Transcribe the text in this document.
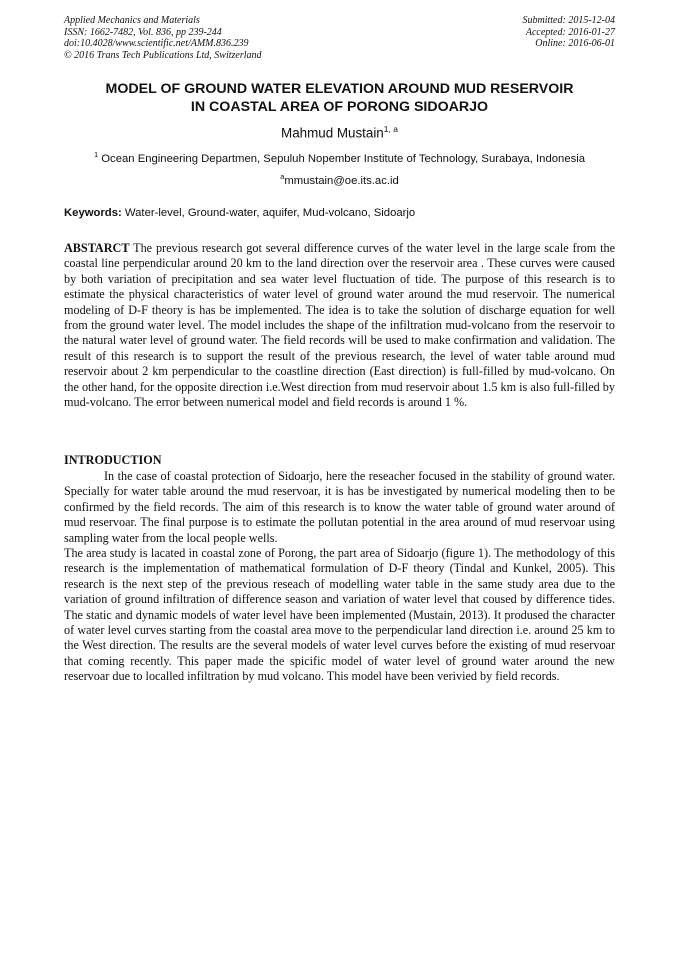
Applied Mechanics and Materials
ISSN: 1662-7482, Vol. 836, pp 239-244
doi:10.4028/www.scientific.net/AMM.836.239
© 2016 Trans Tech Publications Ltd, Switzerland
Submitted: 2015-12-04
Accepted: 2016-01-27
Online: 2016-06-01
MODEL OF GROUND WATER ELEVATION AROUND MUD RESERVOIR
IN COASTAL AREA OF PORONG SIDOARJO
Mahmud Mustain$^{1, a}$
$^1$ Ocean Engineering Departmen, Sepuluh Nopember Institute of Technology, Surabaya, Indonesia
$^a$mmustain@oe.its.ac.id
Keywords: Water-level, Ground-water, aquifer, Mud-volcano, Sidoarjo
ABSTARCT The previous research got several difference curves of the water level in the large scale from the coastal line perpendicular around 20 km to the land direction over the reservoir area . These curves were caused by both variation of precipitation and sea water level fluctuation of tide. The purpose of this research is to estimate the physical characteristics of water level of ground water around the mud reservoir. The numerical modeling of D-F theory is has be implemented. The idea is to take the solution of discharge equation for well from the ground water level. The model includes the shape of the infiltration mud-volcano from the reservoir to the natural water level of ground water. The field records will be used to make confirmation and validation. The result of this research is to support the result of the previous research, the level of water table around mud reservoir about 2 km perpendicular to the coastline direction (East direction) is full-filled by mud-volcano. On the other hand, for the opposite direction i.e.West direction from mud reservoir about 1.5 km is also full-filled by mud-volcano. The error between numerical model and field records is around 1 %.
INTRODUCTION

In the case of coastal protection of Sidoarjo, here the reseacher focused in the stability of ground water. Specially for water table around the mud reservoar, it is has be investigated by numerical modeling then to be confirmed by the field records. The aim of this research is to know the water table of ground water around of mud reservoar. The final purpose is to estimate the pollutan potential in the area around of mud reservoar using sampling water from the local people wells.

The area study is lacated in coastal zone of Porong, the part area of Sidoarjo (figure 1). The methodology of this research is the implementation of mathematical formulation of D-F theory (Tindal and Kunkel, 2005). This research is the next step of the previous reseach of modelling water table in the same study area due to the variation of ground infiltration of difference season and variation of water level that coused by difference tides. The static and dynamic models of water level have been implemented (Mustain, 2013). It prodused the character of water level curves starting from the coastal area move to the perpendicular land direction i.e. around 25 km to the West direction. The results are the several models of water level curves before the existing of mud reservoar that coming recently. This paper made the spicific model of water level of ground water around the new reservoar due to localled infiltration by mud volcano. This model have been verivied by field records.
